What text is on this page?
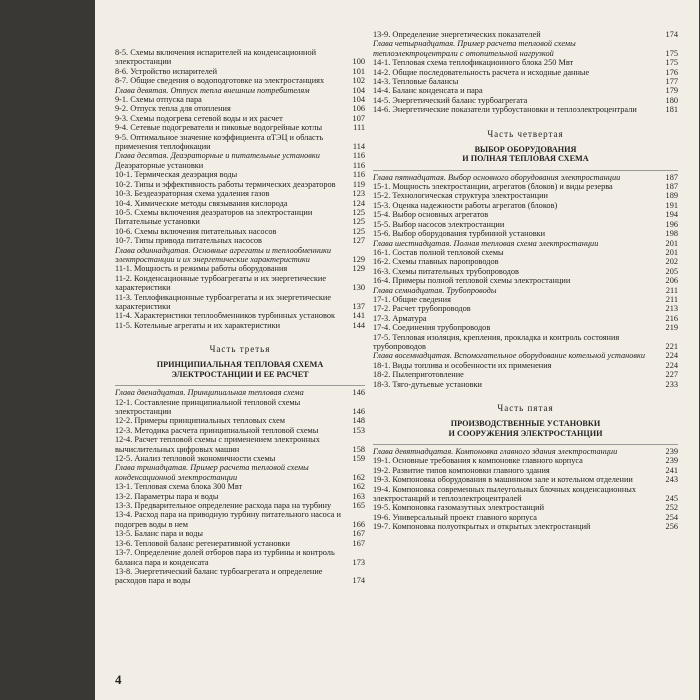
8-5. Схемы включения испарителей на конденсационной электростанции	100
8-6. Устройство испарителей	101
8-7. Общие сведения о водоподготовке на электростанциях	102
Глава девятая. Отпуск тепла внешним потребителям	104
9-1. Схемы отпуска пара	104
9-2. Отпуск тепла для отопления	106
9-3. Схемы подогрева сетевой воды и их расчет	107
9-4. Сетевые подогреватели и пиковые водогрейные котлы	111
9-5. Оптимальное значение коэффициента αТЭЦ и область применения теплофикации	114
Глава десятая. Деаэраторные и питательные установки	116
Деаэраторные установки	116
10-1. Термическая деаэрация воды	116
10-2. Типы и эффективность работы термических деаэраторов	119
10-3. Бездеаэраторная схема удаления газов	123
10-4. Химические методы связывания кислорода	124
10-5. Схемы включения деаэраторов на электростанции	125
Питательные установки	125
10-6. Схемы включения питательных насосов	125
10-7. Типы привода питательных насосов	127
Глава одиннадцатая. Основные агрегаты и теплообменники электростанции и их энергетические характеристики	129
11-1. Мощность и режимы работы оборудования	129
11-2. Конденсационные турбоагрегаты и их энергетические характеристики	130
11-3. Теплофикационные турбоагрегаты и их энергетические характеристики	137
11-4. Характеристики теплообменников турбинных установок	141
11-5. Котельные агрегаты и их характеристики	144
Часть третья
ПРИНЦИПИАЛЬНАЯ ТЕПЛОВАЯ СХЕМА
ЭЛЕКТРОСТАНЦИИ И ЕЕ РАСЧЕТ
Глава двенадцатая. Принципиальная тепловая схема	146
12-1. Составление принципиальной тепловой схемы электростанции	146
12-2. Примеры принципиальных тепловых схем	148
12-3. Методика расчета принципиальной тепловой схемы	153
12-4. Расчет тепловой схемы с применением электронных вычислительных цифровых машин	158
12-5. Анализ тепловой экономичности схемы	159
Глава тринадцатая. Пример расчета тепловой схемы конденсационной электростанции	162
13-1. Тепловая схема блока 300 Мвт	162
13-2. Параметры пара и воды	163
13-3. Предварительное определение расхода пара на турбину	165
13-4. Расход пара на приводную турбину питательного насоса и подогрев воды в нем	166
13-5. Баланс пара и воды	167
13-6. Тепловой баланс регенеративной установки	167
13-7. Определение долей отборов пара из турбины и контроль баланса пара и конденсата	173
13-8. Энергетический баланс турбоагрегата и определение расходов пара и воды	174
13-9. Определение энергетических показателей	174
Глава четырнадцатая. Пример расчета тепловой схемы теплоэлектроцентрали с отопительной нагрузкой	175
14-1. Тепловая схема теплофикационного блока 250 Мвт	175
14-2. Общие последовательность расчета и исходные данные	176
14-3. Тепловые балансы	177
14-4. Баланс конденсата и пара	179
14-5. Энергетический баланс турбоагрегата	180
14-6. Энергетические показатели турбоустановки и теплоэлектроцентрали	181
Часть четвертая
ВЫБОР ОБОРУДОВАНИЯ
И ПОЛНАЯ ТЕПЛОВАЯ СХЕМА
Глава пятнадцатая. Выбор основного оборудования электростанции	187
15-1. Мощность электростанции, агрегатов (блоков) и виды резерва	187
15-2. Технологическая структура электростанции	189
15-3. Оценка надежности работы агрегатов (блоков)	191
15-4. Выбор основных агрегатов	194
15-5. Выбор насосов электростанции	196
15-6. Выбор оборудования турбинной установки	198
Глава шестнадцатая. Полная тепловая схема электростанции	201
16-1. Состав полной тепловой схемы	201
16-2. Схемы главных паропроводов	202
16-3. Схемы питательных трубопроводов	205
16-4. Примеры полной тепловой схемы электростанции	206
Глава семнадцатая. Трубопроводы	211
17-1. Общие сведения	211
17-2. Расчет трубопроводов	213
17-3. Арматура	216
17-4. Соединения трубопроводов	219
17-5. Тепловая изоляция, крепления, прокладка и контроль состояния трубопроводов	221
Глава восемнадцатая. Вспомогательное оборудование котельной установки	224
18-1. Виды топлива и особенности их применения	224
18-2. Пылеприготовление	227
18-3. Тяго-дутьевые установки	233
Часть пятая
ПРОИЗВОДСТВЕННЫЕ УСТАНОВКИ
И СООРУЖЕНИЯ ЭЛЕКТРОСТАНЦИИ
Глава девятнадцатая. Компоновка главного здания электростанции	239
19-1. Основные требования к компоновке главного корпуса	239
19-2. Развитие типов компоновки главного здания	241
19-3. Компоновка оборудования в машинном зале и котельном отделении	243
19-4. Компоновка современных пылеугольных блочных конденсационных электростанций и теплоэлектроцентралей	245
19-5. Компоновка газомазутных электростанций	252
19-6. Универсальный проект главного корпуса	254
19-7. Компоновка полуоткрытых и открытых электростанций	256
4
